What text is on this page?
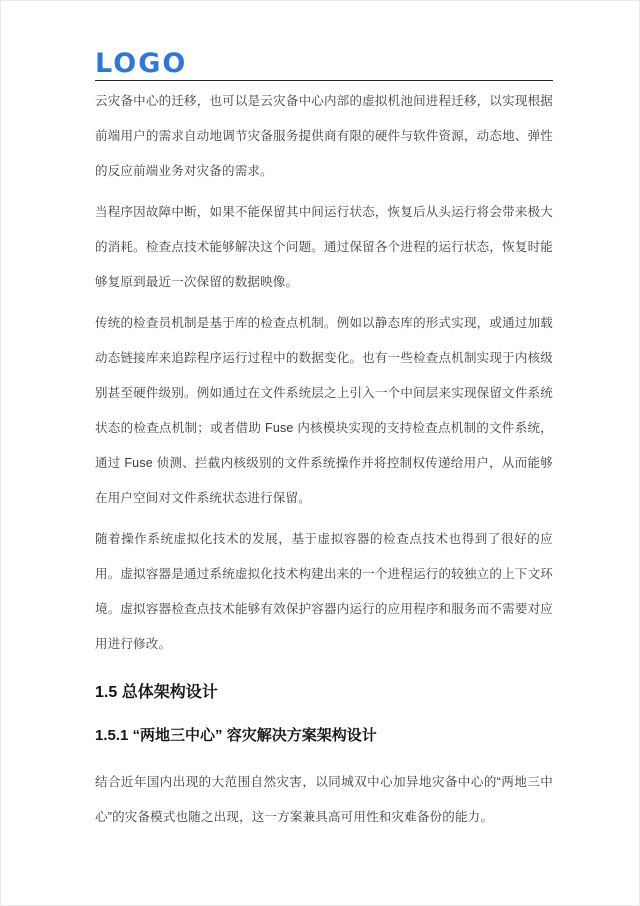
LOGO

云灾备中心的迁移，也可以是云灾备中心内部的虚拟机池间进程迁移，以实现根据前端用户的需求自动地调节灾备服务提供商有限的硬件与软件资源，动态地、弹性的反应前端业务对灾备的需求。

当程序因故障中断，如果不能保留其中间运行状态，恢复后从头运行将会带来极大的消耗。检查点技术能够解决这个问题。通过保留各个进程的运行状态，恢复时能够复原到最近一次保留的数据映像。

传统的检查员机制是基于库的检查点机制。例如以静态库的形式实现，或通过加载动态链接库来追踪程序运行过程中的数据变化。也有一些检查点机制实现于内核级别甚至硬件级别。例如通过在文件系统层之上引入一个中间层来实现保留文件系统状态的检查点机制；或者借助 Fuse 内核模块实现的支持检查点机制的文件系统，通过 Fuse 侦测、拦截内核级别的文件系统操作并将控制权传递给用户，从而能够在用户空间对文件系统状态进行保留。

随着操作系统虚拟化技术的发展，基于虚拟容器的检查点技术也得到了很好的应用。虚拟容器是通过系统虚拟化技术构建出来的一个进程运行的较独立的上下文环境。虚拟容器检查点技术能够有效保护容器内运行的应用程序和服务而不需要对应用进行修改。

1.5 总体架构设计
1.5.1 “两地三中心” 容灾解决方案架构设计

结合近年国内出现的大范围自然灾害，以同城双中心加异地灾备中心的“两地三中心”的灾备模式也随之出现，这一方案兼具高可用性和灾难备份的能力。
